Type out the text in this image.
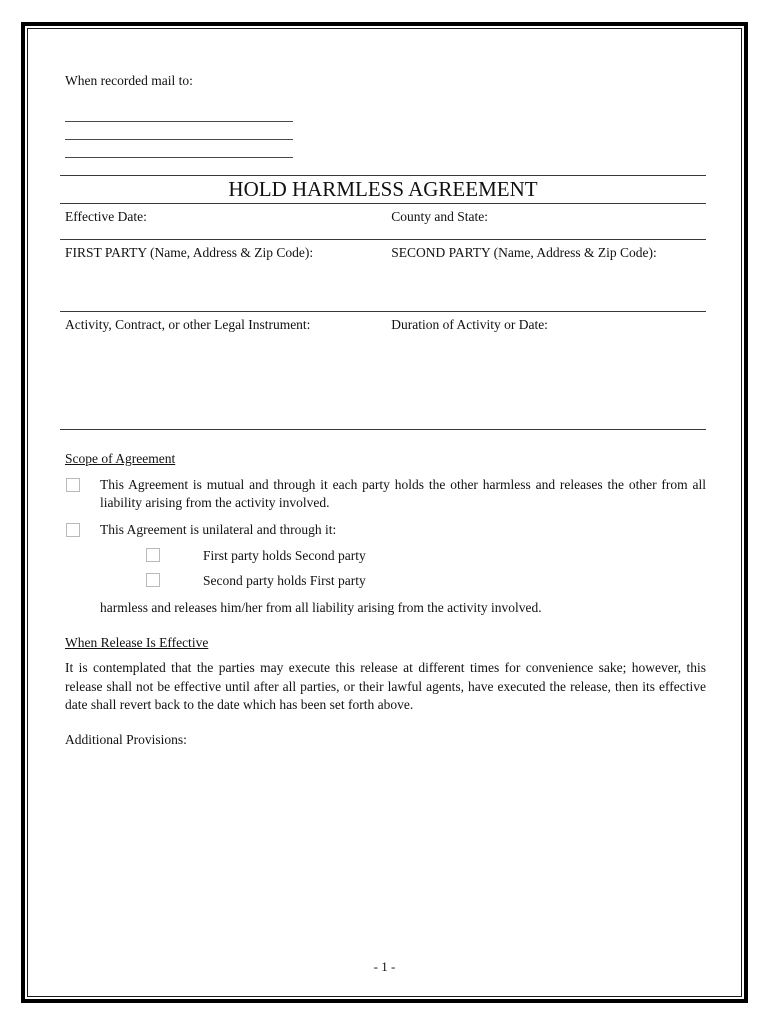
When recorded mail to:
HOLD HARMLESS AGREEMENT
Effective Date:	County and State:
FIRST PARTY (Name, Address & Zip Code):	SECOND PARTY (Name, Address & Zip Code):
Activity, Contract, or other Legal Instrument:	Duration of Activity or Date:
Scope of Agreement
This Agreement is mutual and through it each party holds the other harmless and releases the other from all liability arising from the activity involved.
This Agreement is unilateral and through it:
First party holds Second party
Second party holds First party
harmless and releases him/her from all liability arising from the activity involved.
When Release Is Effective
It is contemplated that the parties may execute this release at different times for convenience sake; however, this release shall not be effective until after all parties, or their lawful agents, have executed the release, then its effective date shall revert back to the date which has been set forth above.
Additional Provisions:
- 1 -
